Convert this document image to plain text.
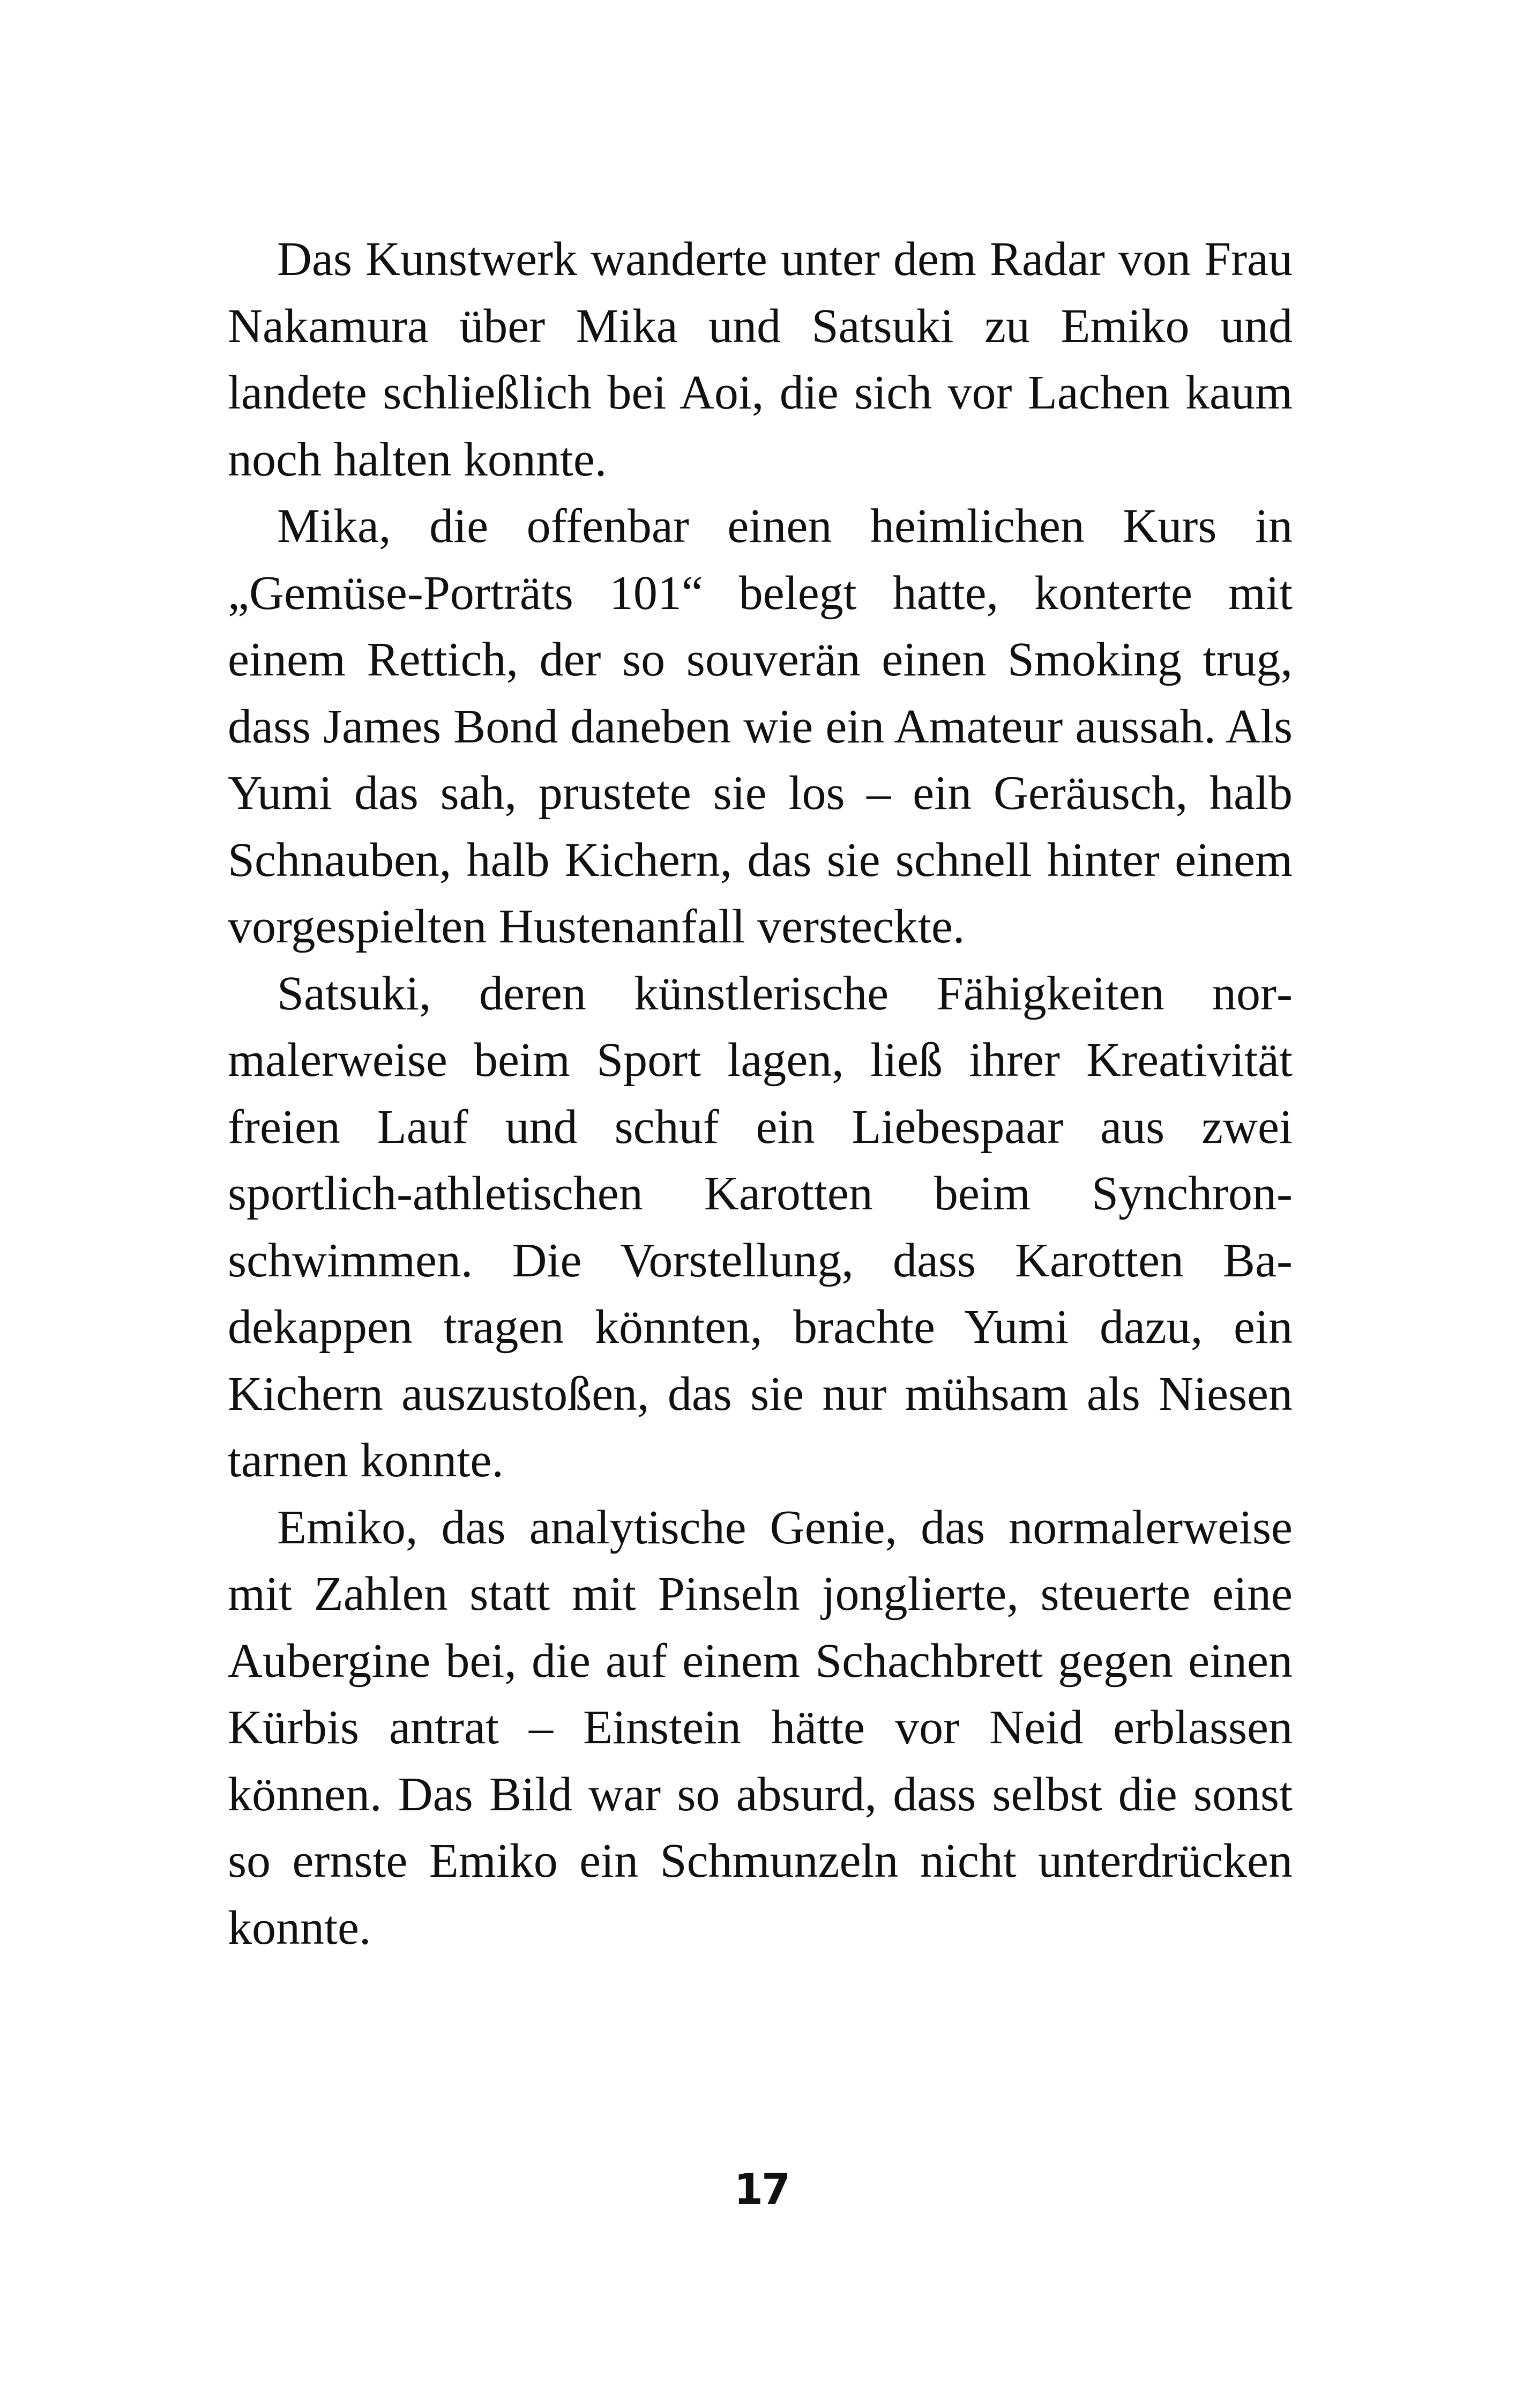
Das Kunstwerk wanderte unter dem Radar von Frau Nakamura über Mika und Satsuki zu Emiko und landete schließlich bei Aoi, die sich vor Lachen kaum noch halten konnte.

Mika, die offenbar einen heimlichen Kurs in „Gemüse-Porträts 101“ belegt hatte, konterte mit einem Rettich, der so souverän einen Smoking trug, dass James Bond daneben wie ein Amateur aussah. Als Yumi das sah, prustete sie los – ein Geräusch, halb Schnauben, halb Kichern, das sie schnell hinter einem vorgespielten Hustenanfall versteckte.

Satsuki, deren künstlerische Fähigkeiten normalerweise beim Sport lagen, ließ ihrer Kreativität freien Lauf und schuf ein Liebespaar aus zwei sportlich-athletischen Karotten beim Synchronschwimmen. Die Vorstellung, dass Karotten Badekappen tragen könnten, brachte Yumi dazu, ein Kichern auszustoßen, das sie nur mühsam als Niesen tarnen konnte.

Emiko, das analytische Genie, das normalerweise mit Zahlen statt mit Pinseln jonglierte, steuerte eine Aubergine bei, die auf einem Schachbrett gegen einen Kürbis antrat – Einstein hätte vor Neid erblassen können. Das Bild war so absurd, dass selbst die sonst so ernste Emiko ein Schmunzeln nicht unterdrücken konnte.

17
